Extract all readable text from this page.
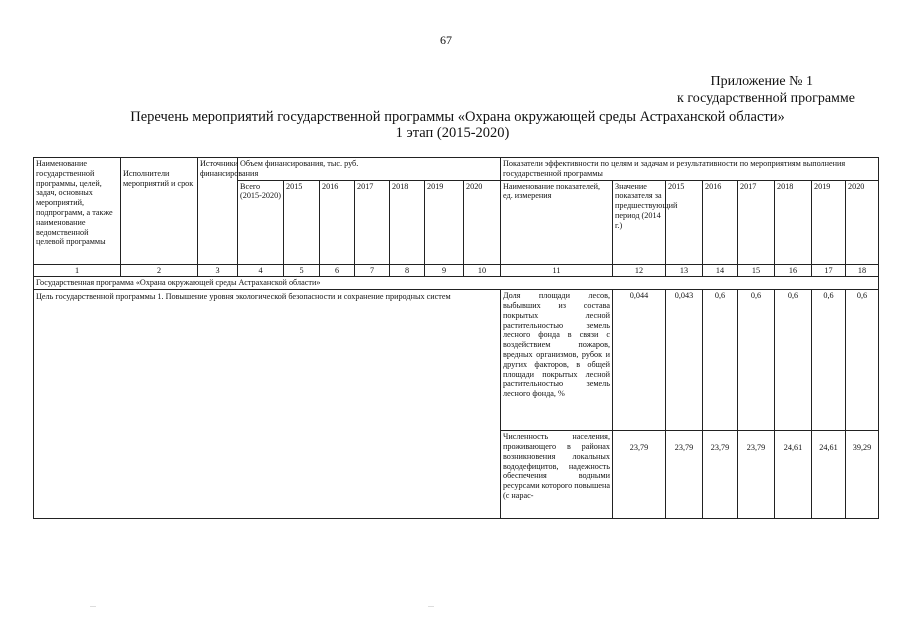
67
Приложение № 1
к государственной программе
Перечень мероприятий государственной программы «Охрана окружающей среды Астраханской области»
1 этап (2015-2020)
Наименование государственной программы, целей, задач, основных мероприятий, подпрограмм, а также наименование ведомственной целевой программы	Исполнители мероприятий и срок	Источники финансирования	Объем финансирования, тыс. руб.							Показатели эффективности по целям и задачам и результативности по мероприятиям выполнения государственной программы							
			Всего (2015-2020)	2015	2016	2017	2018	2019	2020	Наименование показателей, ед. измерения	Значение показателя за предшествующий период (2014 г.)	2015	2016	2017	2018	2019	2020
1	2	3	4	5	6	7	8	9	10	11	12	13	14	15	16	17	18
Государственная программа «Охрана окружающей среды Астраханской области»																	
Цель государственной программы 1. Повышение уровня экологической безопасности и сохранение природных систем										Доля площади лесов, выбывших из состава покрытых лесной растительностью земель лесного фонда в связи с воздействием пожаров, вредных организмов, рубок и других факторов, в общей площади покрытых лесной растительностью земель лесного фонда, %	0,044	0,043	0,6	0,6	0,6	0,6	0,6
										Численность населения, проживающего в районах возникновения локальных вододефицитов, надежность обеспечения водными ресурсами которого повышена (с нарас-	23,79	23,79	23,79	23,79	24,61	24,61	39,29
